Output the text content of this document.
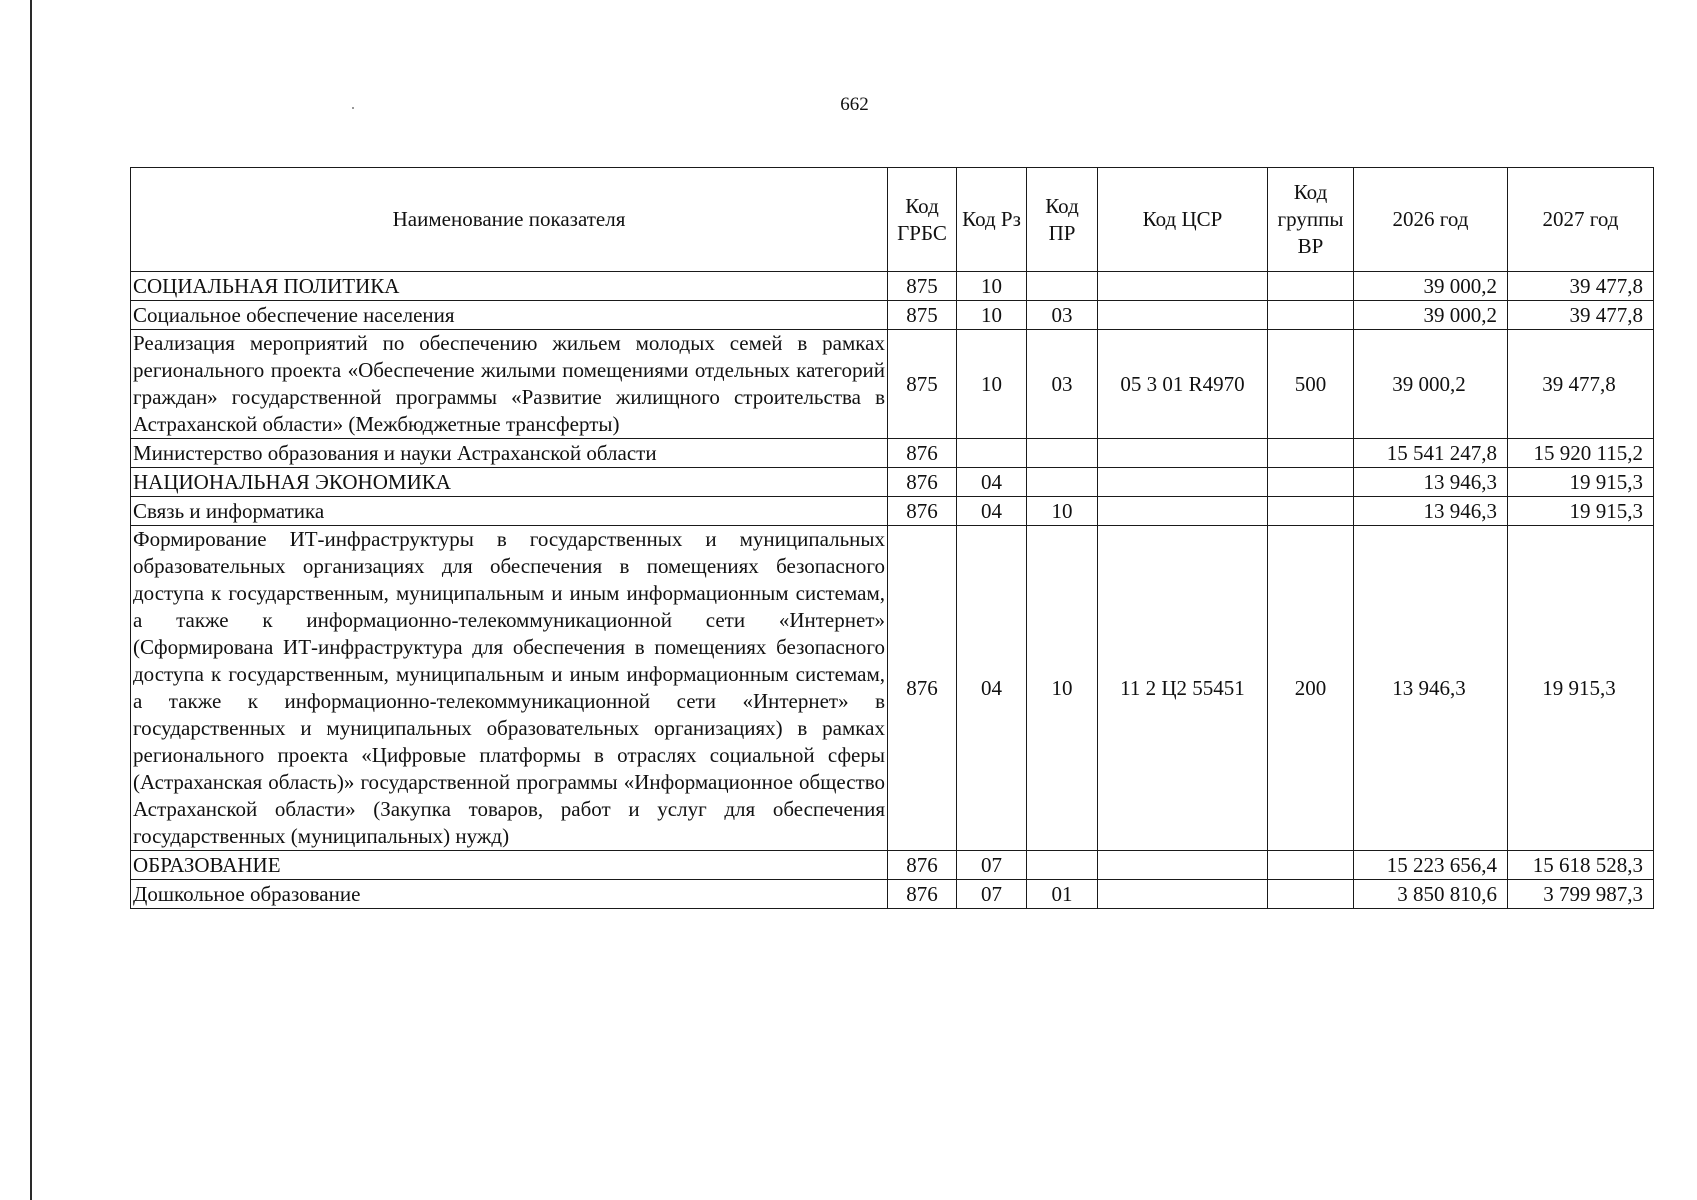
662
Наименование показателя	Код ГРБС	Код Рз	Код ПР	Код ЦСР	Код группы ВР	2026 год	2027 год
СОЦИАЛЬНАЯ ПОЛИТИКА	875	10				39 000,2	39 477,8
Социальное обеспечение населения	875	10	03			39 000,2	39 477,8
Реализация мероприятий по обеспечению жильем молодых семей в рамках регионального проекта «Обеспечение жилыми помещениями отдельных категорий граждан» государственной программы «Развитие жилищного строительства в Астраханской области» (Межбюджетные трансферты)	875	10	03	05 3 01 R4970	500	39 000,2	39 477,8
Министерство образования и науки Астраханской области	876					15 541 247,8	15 920 115,2
НАЦИОНАЛЬНАЯ ЭКОНОМИКА	876	04				13 946,3	19 915,3
Связь и информатика	876	04	10			13 946,3	19 915,3
Формирование ИТ-инфраструктуры в государственных и муниципальных образовательных организациях для обеспечения в помещениях безопасного доступа к государственным, муниципальным и иным информационным системам, а также к информационно-телекоммуникационной сети «Интернет» (Сформирована ИТ-инфраструктура для обеспечения в помещениях безопасного доступа к государственным, муниципальным и иным информационным системам, а также к информационно-телекоммуникационной сети «Интернет» в государственных и муниципальных образовательных организациях) в рамках регионального проекта «Цифровые платформы в отраслях социальной сферы (Астраханская область)» государственной программы «Информационное общество Астраханской области» (Закупка товаров, работ и услуг для обеспечения государственных (муниципальных) нужд)	876	04	10	11 2 Ц2 55451	200	13 946,3	19 915,3
ОБРАЗОВАНИЕ	876	07				15 223 656,4	15 618 528,3
Дошкольное образование	876	07	01			3 850 810,6	3 799 987,3
